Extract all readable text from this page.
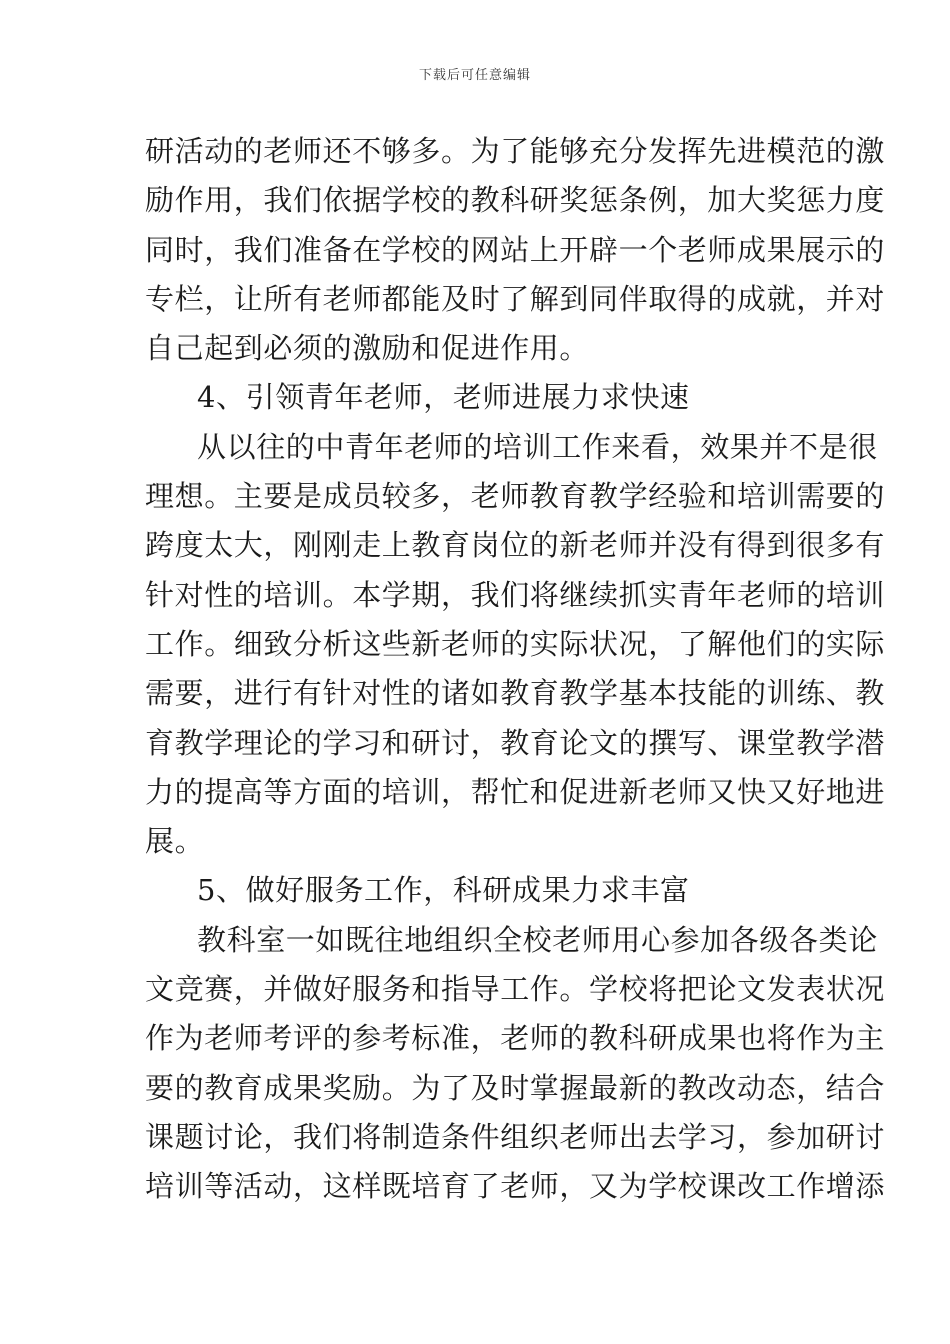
下载后可任意编辑
研活动的老师还不够多。为了能够充分发挥先进模范的激
励作用，我们依据学校的教科研奖惩条例，加大奖惩力度
同时，我们准备在学校的网站上开辟一个老师成果展示的
专栏，让所有老师都能及时了解到同伴取得的成就，并对
自己起到必须的激励和促进作用。
4、引领青年老师，老师进展力求快速
从以往的中青年老师的培训工作来看，效果并不是很
理想。主要是成员较多，老师教育教学经验和培训需要的
跨度太大，刚刚走上教育岗位的新老师并没有得到很多有
针对性的培训。本学期，我们将继续抓实青年老师的培训
工作。细致分析这些新老师的实际状况，了解他们的实际
需要，进行有针对性的诸如教育教学基本技能的训练、教
育教学理论的学习和研讨，教育论文的撰写、课堂教学潜
力的提高等方面的培训，帮忙和促进新老师又快又好地进
展。
5、做好服务工作，科研成果力求丰富
教科室一如既往地组织全校老师用心参加各级各类论
文竞赛，并做好服务和指导工作。学校将把论文发表状况
作为老师考评的参考标准，老师的教科研成果也将作为主
要的教育成果奖励。为了及时掌握最新的教改动态，结合
课题讨论，我们将制造条件组织老师出去学习，参加研讨
培训等活动，这样既培育了老师，又为学校课改工作增添
